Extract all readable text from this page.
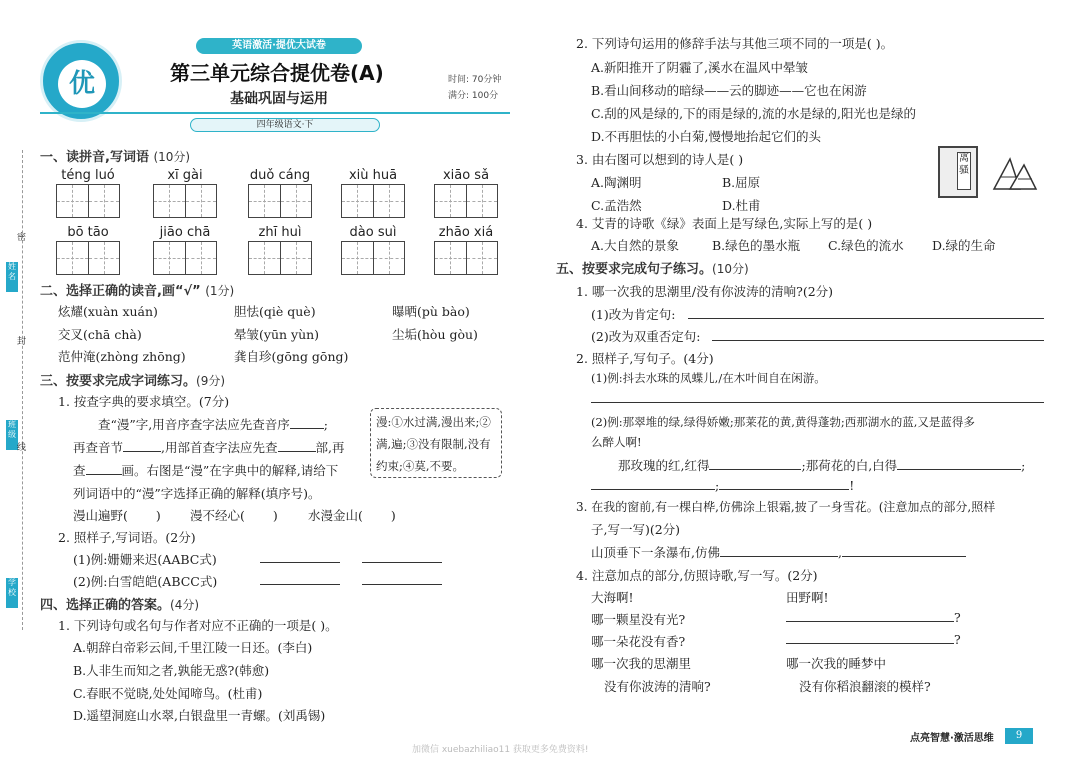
姓名
班级
学校
密
封
线
优
英语激活·提优大试卷
第三单元综合提优卷(A)
基础巩固与运用
时间: 70分钟
满分: 100分
四年级语文·下
一、读拼音,写词语 (10分)
téng luó	xī gài	duǒ cáng	xiù huā	xiāo sǎ
bō tāo	jiāo chā	zhī huì	dào suì	zhāo xiá
二、选择正确的读音,画“√” (1分)
炫耀(xuàn xuán)	胆怯(qiè què)	曝晒(pù bào)
交叉(chā chà)	晕皱(yūn yùn)	尘垢(hòu gòu)
范仲淹(zhòng zhōng)	龚自珍(gōng gōng)
三、按要求完成字词练习。(9分)
1. 按查字典的要求填空。(7分)
查“漫”字,用音序查字法应先查音序	;
再查音节	,用部首查字法应先查	部,再
查	画。右图是“漫”在字典中的解释,请给下
列词语中的“漫”字选择正确的解释(填序号)。
漫:①水过满,漫出来;②满,遍;③没有限制,没有约束;④莫,不要。
漫山遍野( ) 漫不经心( ) 水漫金山( )
2. 照样子,写词语。(2分)
(1)例:姗姗来迟(AABC式)
(2)例:白雪皑皑(ABCC式)
四、选择正确的答案。(4分)
1. 下列诗句或名句与作者对应不正确的一项是( )。
A.朝辞白帝彩云间,千里江陵一日还。(李白)
B.人非生而知之者,孰能无惑?(韩愈)
C.春眠不觉晓,处处闻啼鸟。(杜甫)
D.遥望洞庭山水翠,白银盘里一青螺。(刘禹锡)
2. 下列诗句运用的修辞手法与其他三项不同的一项是( )。
A.新阳推开了阴霾了,溪水在温风中晕皱
B.看山间移动的暗绿——云的脚迹——它也在闲游
C.刮的风是绿的,下的雨是绿的,流的水是绿的,阳光也是绿的
D.不再胆怯的小白菊,慢慢地抬起它们的头
3. 由右图可以想到的诗人是( )
A.陶渊明	B.屈原
C.孟浩然	D.杜甫
离骚
4. 艾青的诗歌《绿》表面上是写绿色,实际上写的是( )
A.大自然的景象	B.绿色的墨水瓶 C.绿色的流水 D.绿的生命
五、按要求完成句子练习。(10分)
1. 哪一次我的思潮里/没有你波涛的清响?(2分)
(1)改为肯定句:
(2)改为双重否定句:
2. 照样子,写句子。(4分)
(1)例:抖去水珠的凤蝶儿,/在木叶间自在闲游。
(2)例:那翠堆的绿,绿得娇嫩;那莱花的黄,黄得蓬勃;西那湖水的蓝,又是蓝得多
么醉人啊!
那玫瑰的红,红得	;那荷花的白,白得	;
;	!
3. 在我的窗前,有一棵白桦,仿佛涂上银霜,披了一身雪花。(注意加点的部分,照样
子,写一写)(2分)
山顶垂下一条瀑布,仿佛	,
4. 注意加点的部分,仿照诗歌,写一写。(2分)
大海啊!	田野啊!
哪一颗星没有光?	?
哪一朵花没有香?	?
哪一次我的思潮里	哪一次我的睡梦中
没有你波涛的清响?	没有你稻浪翻滚的模样?
点亮智慧·激活思维	9
加微信 xuebazhiliao11 获取更多免费资料!
